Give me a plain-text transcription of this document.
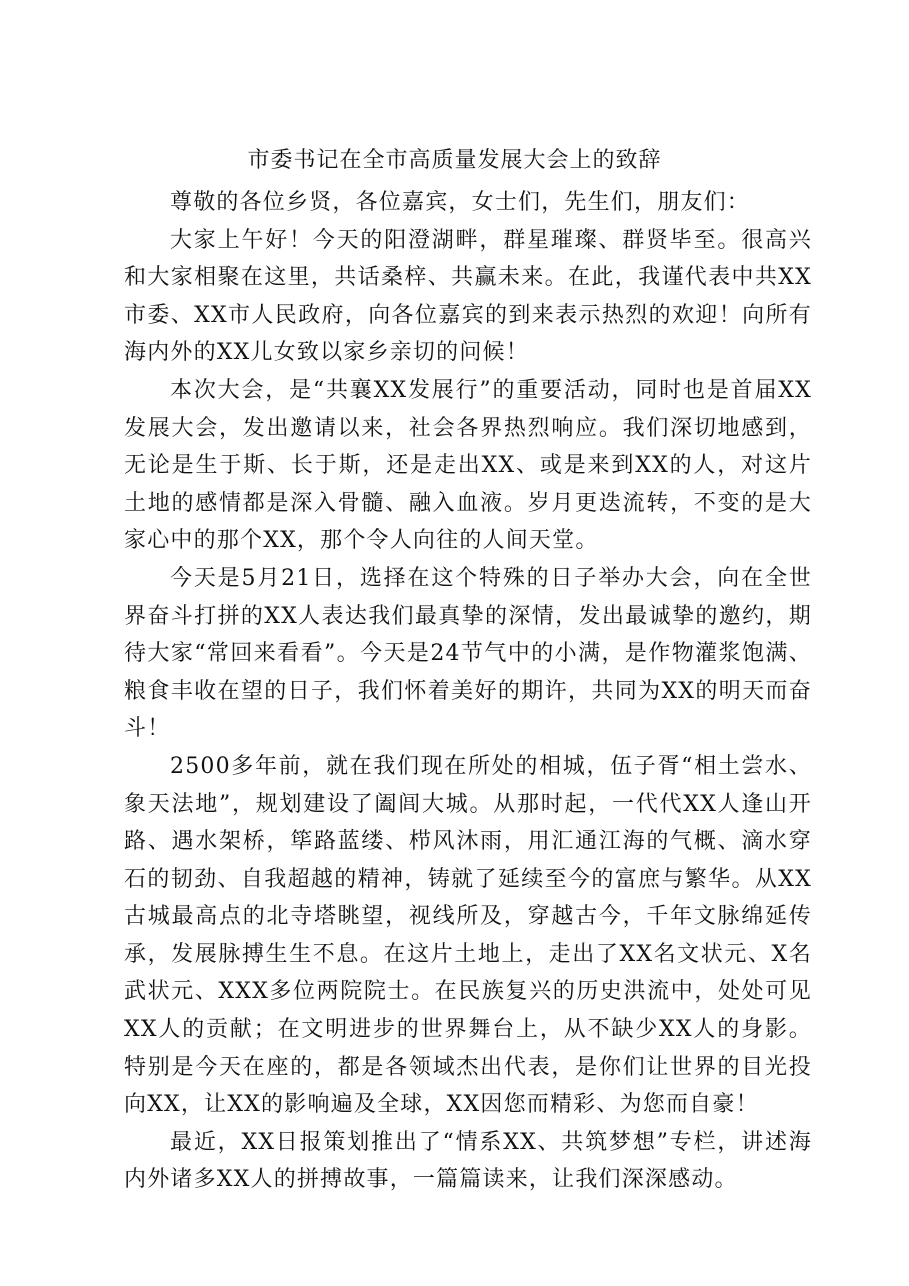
市委书记在全市高质量发展大会上的致辞

尊敬的各位乡贤，各位嘉宾，女士们，先生们，朋友们：

大家上午好！今天的阳澄湖畔，群星璀璨、群贤毕至。很高兴和大家相聚在这里，共话桑梓、共赢未来。在此，我谨代表中共XX市委、XX市人民政府，向各位嘉宾的到来表示热烈的欢迎！向所有海内外的XX儿女致以家乡亲切的问候！

本次大会，是“共襄XX发展行”的重要活动，同时也是首届XX发展大会，发出邀请以来，社会各界热烈响应。我们深切地感到，无论是生于斯、长于斯，还是走出XX、或是来到XX的人，对这片土地的感情都是深入骨髓、融入血液。岁月更迭流转，不变的是大家心中的那个XX，那个令人向往的人间天堂。

今天是5月21日，选择在这个特殊的日子举办大会，向在全世界奋斗打拼的XX人表达我们最真挚的深情，发出最诚挚的邀约，期待大家“常回来看看”。今天是24节气中的小满，是作物灌浆饱满、粮食丰收在望的日子，我们怀着美好的期许，共同为XX的明天而奋斗！

2500多年前，就在我们现在所处的相城，伍子胥“相土尝水、象天法地”，规划建设了阖闾大城。从那时起，一代代XX人逢山开路、遇水架桥，筚路蓝缕、栉风沐雨，用汇通江海的气概、滴水穿石的韧劲、自我超越的精神，铸就了延续至今的富庶与繁华。从XX古城最高点的北寺塔眺望，视线所及，穿越古今，千年文脉绵延传承，发展脉搏生生不息。在这片土地上，走出了XX名文状元、X名武状元、XXX多位两院院士。在民族复兴的历史洪流中，处处可见XX人的贡献；在文明进步的世界舞台上，从不缺少XX人的身影。特别是今天在座的，都是各领域杰出代表，是你们让世界的目光投向XX，让XX的影响遍及全球，XX因您而精彩、为您而自豪！

最近，XX日报策划推出了“情系XX、共筑梦想”专栏，讲述海内外诸多XX人的拼搏故事，一篇篇读来，让我们深深感动。
